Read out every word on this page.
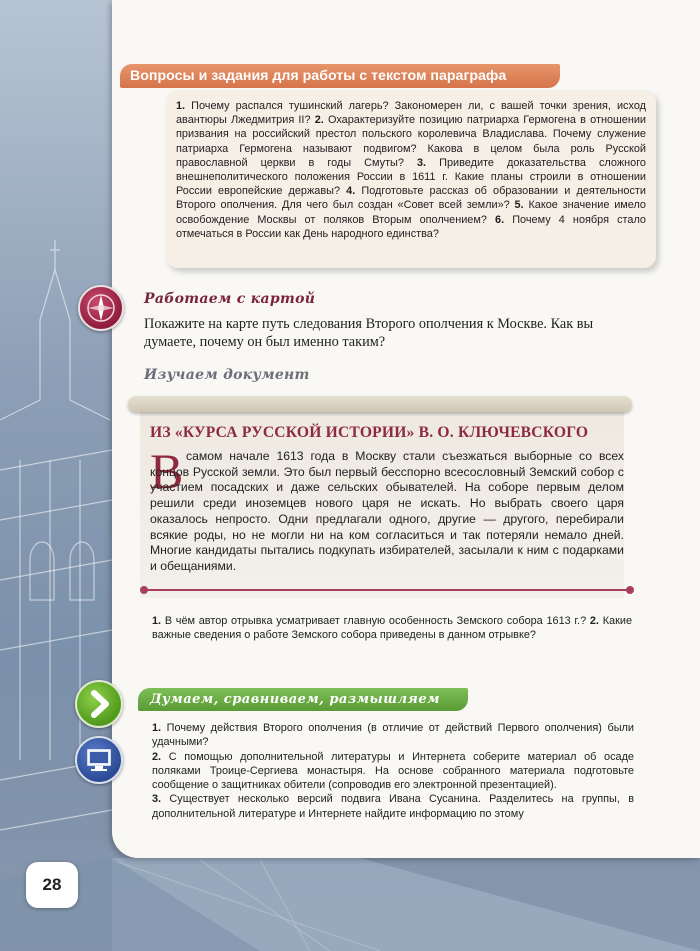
Вопросы и задания для работы с текстом параграфа
1. Почему распался тушинский лагерь? Закономерен ли, с вашей точки зрения, исход авантюры Лжедмитрия II? 2. Охарактеризуйте позицию патриарха Гермогена в отношении призвания на российский престол польского королевича Владислава. Почему служение патриарха Гермогена называют подвигом? Какова в целом была роль Русской православной церкви в годы Смуты? 3. Приведите доказательства сложного внешнеполитического положения России в 1611 г. Какие планы строили в отношении России европейские державы? 4. Подготовьте рассказ об образовании и деятельности Второго ополчения. Для чего был создан «Совет всей земли»? 5. Какое значение имело освобождение Москвы от поляков Вторым ополчением? 6. Почему 4 ноября стало отмечаться в России как День народного единства?
Работаем с картой
Покажите на карте путь следования Второго ополчения к Москве. Как вы думаете, почему он был именно таким?
Изучаем документ
ИЗ «КУРСА РУССКОЙ ИСТОРИИ» В. О. КЛЮЧЕВСКОГО
В самом начале 1613 года в Москву стали съезжаться выборные со всех концов Русской земли. Это был первый бесспорно всесословный Земский собор с участием посадских и даже сельских обывателей. На соборе первым делом решили среди иноземцев нового царя не искать. Но выбрать своего царя оказалось непросто. Одни предлагали одного, другие — другого, перебирали всякие роды, но не могли ни на ком согласиться и так потеряли немало дней. Многие кандидаты пытались подкупать избирателей, засылали к ним с подарками и обещаниями.
1. В чём автор отрывка усматривает главную особенность Земского собора 1613 г.? 2. Какие важные сведения о работе Земского собора приведены в данном отрывке?
Думаем, сравниваем, размышляем
1. Почему действия Второго ополчения (в отличие от действий Первого ополчения) были удачными?
2. С помощью дополнительной литературы и Интернета соберите материал об осаде поляками Троице-Сергиева монастыря. На основе собранного материала подготовьте сообщение о защитниках обители (сопроводив его электронной презентацией).
3. Существует несколько версий подвига Ивана Сусанина. Разделитесь на группы, в дополнительной литературе и Интернете найдите информацию по этому
28
